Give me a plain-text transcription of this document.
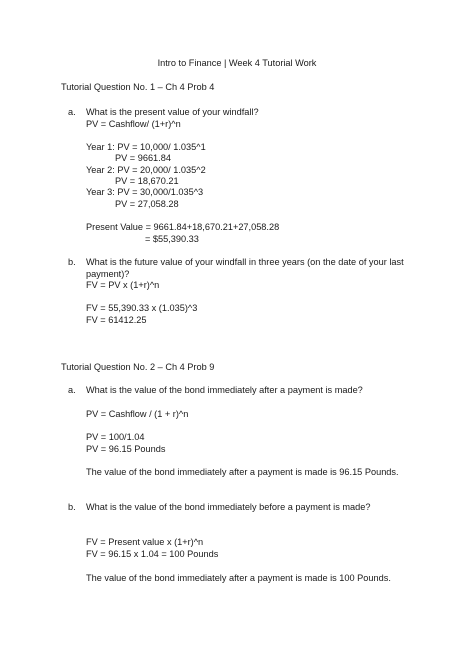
Intro to Finance | Week 4 Tutorial Work
Tutorial Question No. 1 – Ch 4 Prob 4
a. What is the present value of your windfall?
PV = Cashflow/ (1+r)^n
Year 1: PV = 10,000/ 1.035^1
PV = 9661.84
Year 2: PV = 20,000/ 1.035^2
PV = 18,670.21
Year 3: PV = 30,000/1.035^3
PV = 27,058.28
Present Value = 9661.84+18,670.21+27,058.28
= $55,390.33
b. What is the future value of your windfall in three years (on the date of your last
payment)?
FV = PV x (1+r)^n
FV = 55,390.33 x (1.035)^3
FV = 61412.25
Tutorial Question No. 2 – Ch 4 Prob 9
a. What is the value of the bond immediately after a payment is made?
PV = Cashflow / (1 + r)^n
PV = 100/1.04
PV = 96.15 Pounds
The value of the bond immediately after a payment is made is 96.15 Pounds.
b. What is the value of the bond immediately before a payment is made?
FV = Present value x (1+r)^n
FV = 96.15 x 1.04 = 100 Pounds
The value of the bond immediately after a payment is made is 100 Pounds.
